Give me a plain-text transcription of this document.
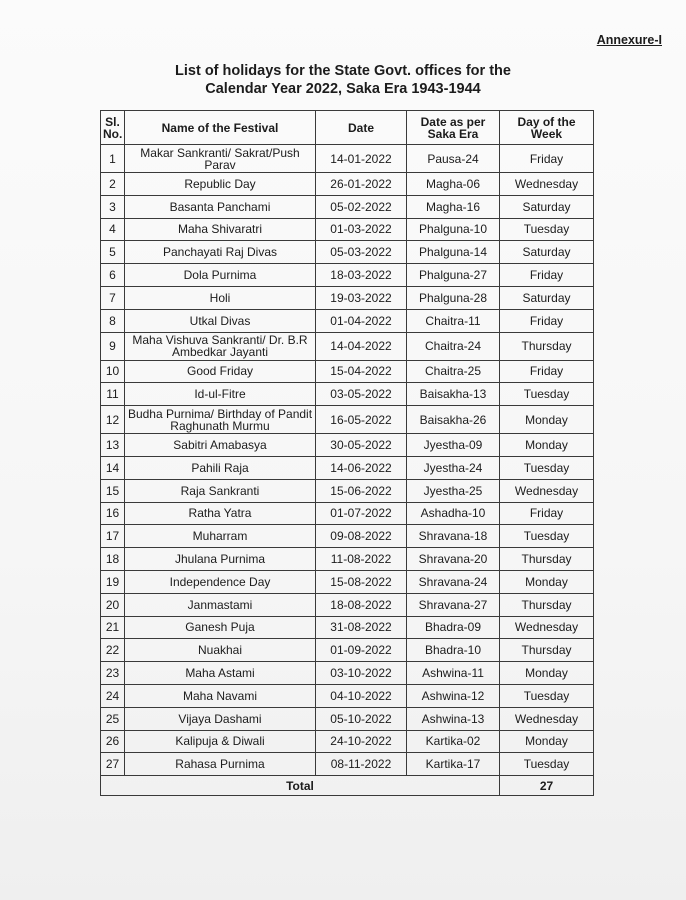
Annexure-I
List of holidays for the State Govt. offices for the
Calendar Year 2022, Saka Era 1943-1944
Sl. No.	Name of the Festival	Date	Date as per Saka Era	Day of the Week
1	Makar Sankranti/ Sakrat/Push Parav	14-01-2022	Pausa-24	Friday
2	Republic Day	26-01-2022	Magha-06	Wednesday
3	Basanta Panchami	05-02-2022	Magha-16	Saturday
4	Maha Shivaratri	01-03-2022	Phalguna-10	Tuesday
5	Panchayati Raj Divas	05-03-2022	Phalguna-14	Saturday
6	Dola Purnima	18-03-2022	Phalguna-27	Friday
7	Holi	19-03-2022	Phalguna-28	Saturday
8	Utkal Divas	01-04-2022	Chaitra-11	Friday
9	Maha Vishuva Sankranti/ Dr. B.R Ambedkar Jayanti	14-04-2022	Chaitra-24	Thursday
10	Good Friday	15-04-2022	Chaitra-25	Friday
11	Id-ul-Fitre	03-05-2022	Baisakha-13	Tuesday
12	Budha Purnima/ Birthday of Pandit Raghunath Murmu	16-05-2022	Baisakha-26	Monday
13	Sabitri Amabasya	30-05-2022	Jyestha-09	Monday
14	Pahili Raja	14-06-2022	Jyestha-24	Tuesday
15	Raja Sankranti	15-06-2022	Jyestha-25	Wednesday
16	Ratha Yatra	01-07-2022	Ashadha-10	Friday
17	Muharram	09-08-2022	Shravana-18	Tuesday
18	Jhulana Purnima	11-08-2022	Shravana-20	Thursday
19	Independence Day	15-08-2022	Shravana-24	Monday
20	Janmastami	18-08-2022	Shravana-27	Thursday
21	Ganesh Puja	31-08-2022	Bhadra-09	Wednesday
22	Nuakhai	01-09-2022	Bhadra-10	Thursday
23	Maha Astami	03-10-2022	Ashwina-11	Monday
24	Maha Navami	04-10-2022	Ashwina-12	Tuesday
25	Vijaya Dashami	05-10-2022	Ashwina-13	Wednesday
26	Kalipuja & Diwali	24-10-2022	Kartika-02	Monday
27	Rahasa Purnima	08-11-2022	Kartika-17	Tuesday
Total				27
